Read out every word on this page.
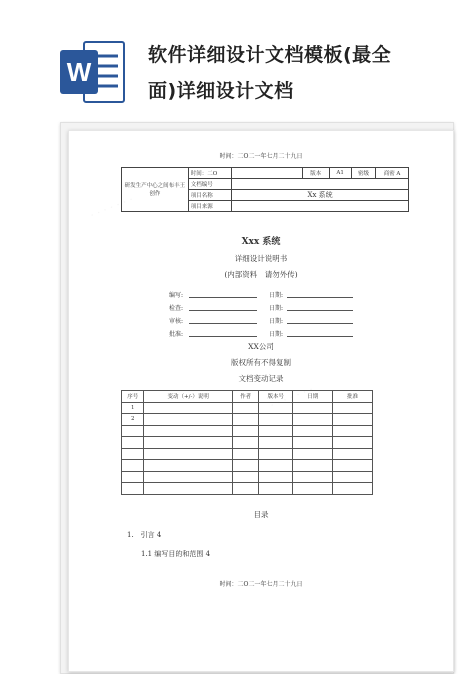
W
软件详细设计文档模板(最全
面)详细设计文档
时间：二O二一年七月二十九日
研发生产中心之间布丰王创作	时间：二O		版本	A1	密级	商密 A
	文档编号					
	项目名称	Xx 系统				
	项目来源					
Xxx 系统
详细设计说明书
(内部资料　请勿外传)
编写:	日期:
检查:	日期:
审核:	日期:
批准:	日期:
XX公司
版权所有不得复制
文档变动记录
序号	变动（+/-）说明	作者	版本号	日期	批准
1					
2					

目录
1.　引言 4
1.1 编写目的和范围 4
时间：二O二一年七月二十九日
